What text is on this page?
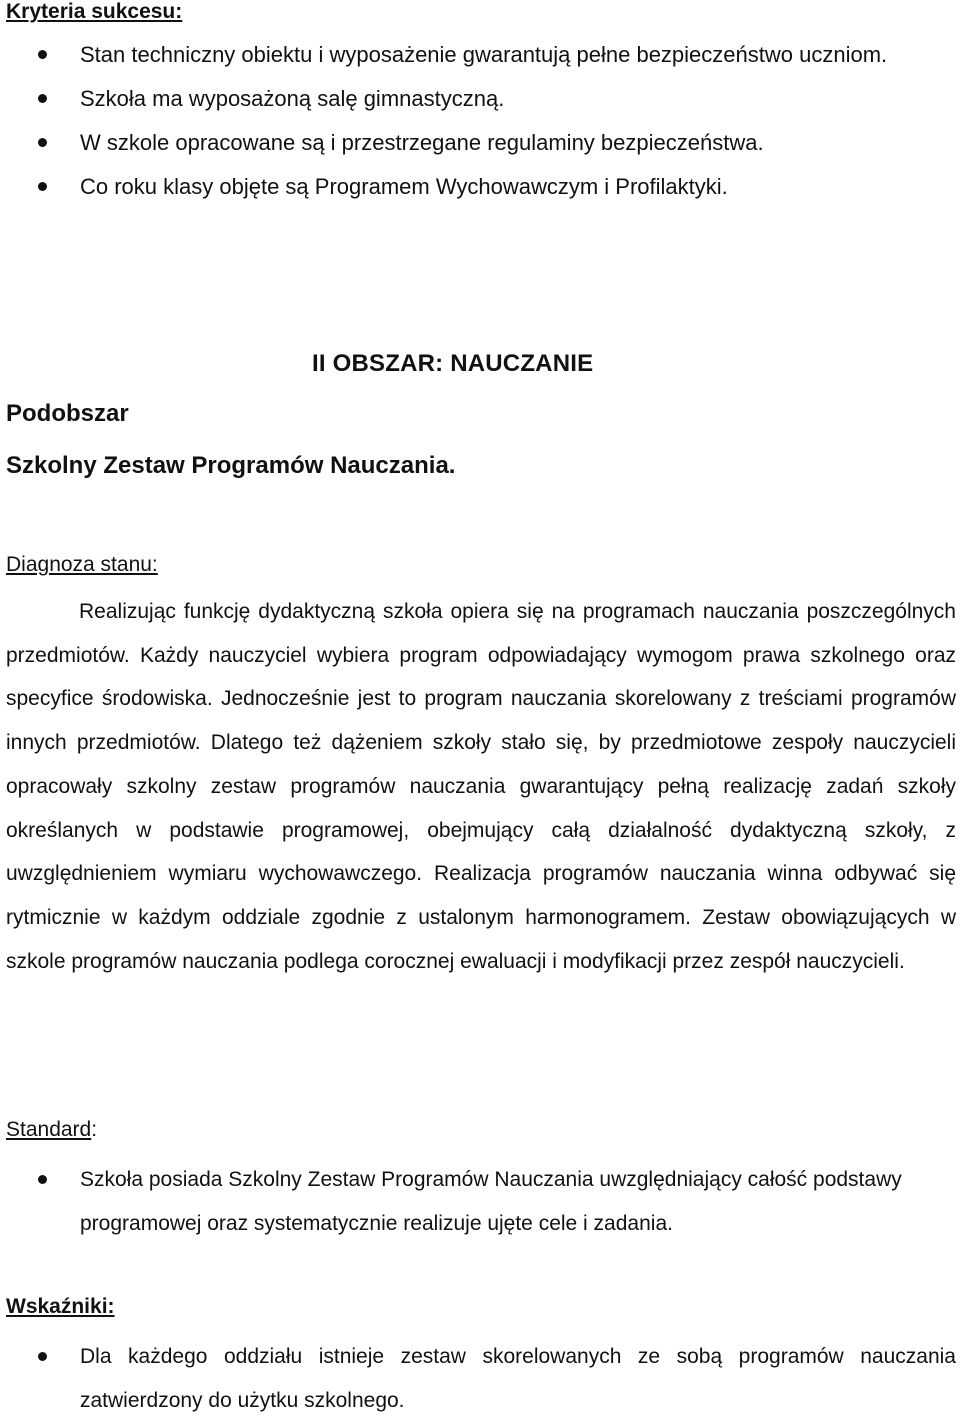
Kryteria sukcesu:
Stan techniczny obiektu i wyposażenie gwarantują pełne bezpieczeństwo uczniom.
Szkoła ma wyposażoną salę gimnastyczną.
W szkole opracowane są i przestrzegane regulaminy bezpieczeństwa.
Co roku klasy objęte są Programem Wychowawczym i Profilaktyki.
II OBSZAR: NAUCZANIE
Podobszar
Szkolny Zestaw Programów Nauczania.
Diagnoza stanu:

Realizując funkcję dydaktyczną szkoła opiera się na programach nauczania poszczególnych przedmiotów. Każdy nauczyciel wybiera program odpowiadający wymogom prawa szkolnego oraz specyfice środowiska. Jednocześnie jest to program nauczania skorelowany z treściami programów innych przedmiotów. Dlatego też dążeniem szkoły stało się, by przedmiotowe zespoły nauczycieli opracowały szkolny zestaw programów nauczania gwarantujący pełną realizację zadań szkoły określanych w podstawie programowej, obejmujący całą działalność dydaktyczną szkoły, z uwzględnieniem wymiaru wychowawczego. Realizacja programów nauczania winna odbywać się rytmicznie w każdym oddziale zgodnie z ustalonym harmonogramem. Zestaw obowiązujących w szkole programów nauczania podlega corocznej ewaluacji i modyfikacji przez zespół nauczycieli.

Standard:
Szkoła posiada Szkolny Zestaw Programów Nauczania uwzględniający całość podstawy programowej oraz systematycznie realizuje ujęte cele i zadania.
Wskaźniki:
Dla każdego oddziału istnieje zestaw skorelowanych ze sobą programów nauczania zatwierdzony do użytku szkolnego.
